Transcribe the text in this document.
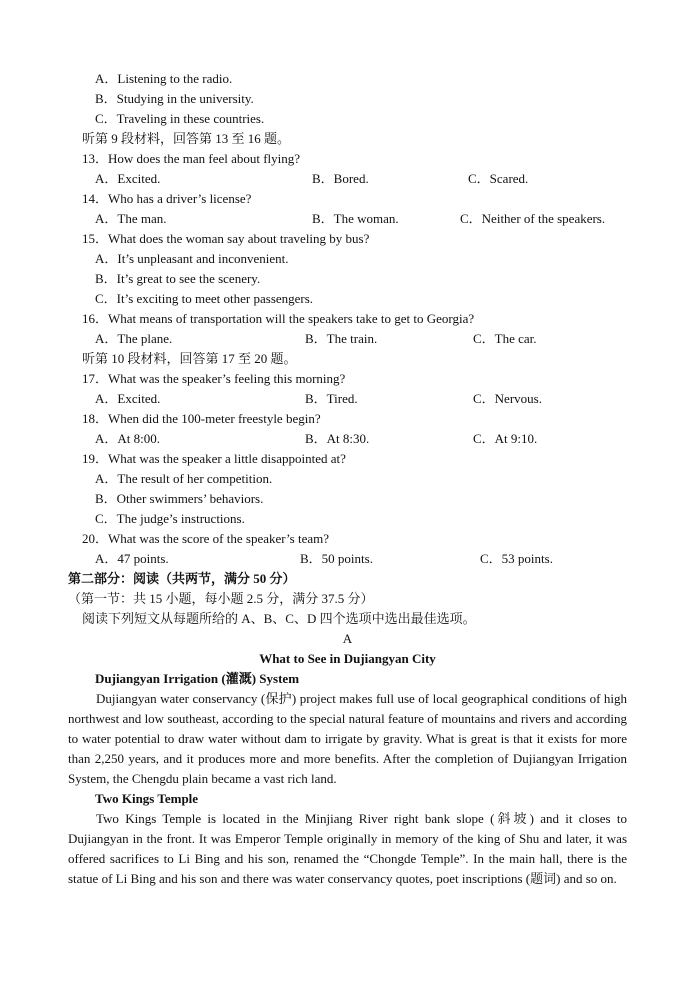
A．Listening to the radio.
B．Studying in the university.
C．Traveling in these countries.
听第 9 段材料，回答第 13 至 16 题。
13．How does the man feel about flying?
A．Excited.	B．Bored.	C．Scared.
14．Who has a driver’s license?
A．The man.	B．The woman.	C．Neither of the speakers.
15．What does the woman say about traveling by bus?
A．It’s unpleasant and inconvenient.
B．It’s great to see the scenery.
C．It’s exciting to meet other passengers.
16．What means of transportation will the speakers take to get to Georgia?
A．The plane.	B．The train.	C．The car.
听第 10 段材料，回答第 17 至 20 题。
17．What was the speaker’s feeling this morning?
A．Excited.	B．Tired.	C．Nervous.
18．When did the 100-meter freestyle begin?
A．At 8:00.	B．At 8:30.	C．At 9:10.
19．What was the speaker a little disappointed at?
A．The result of her competition.
B．Other swimmers’ behaviors.
C．The judge’s instructions.
20．What was the score of the speaker’s team?
A．47 points.	B．50 points.	C．53 points.
第二部分：阅读（共两节，满分 50 分）
（第一节：共 15 小题，每小题 2.5 分，满分 37.5 分）
阅读下列短文从每题所给的 A、B、C、D 四个选项中选出最佳选项。
A
What to See in Dujiangyan City
Dujiangyan Irrigation (灌溉) System
Dujiangyan water conservancy (保护) project makes full use of local geographical conditions of high northwest and low southeast, according to the special natural feature of mountains and rivers and according to water potential to draw water without dam to irrigate by gravity. What is great is that it exists for more than 2,250 years, and it produces more and more benefits. After the completion of Dujiangyan Irrigation System, the Chengdu plain became a vast rich land.
Two Kings Temple
Two Kings Temple is located in the Minjiang River right bank slope (斜坡) and it closes to Dujiangyan in the front. It was Emperor Temple originally in memory of the king of Shu and later, it was offered sacrifices to Li Bing and his son, renamed the “Chongde Temple”. In the main hall, there is the statue of Li Bing and his son and there was water conservancy quotes, poet inscriptions (题词) and so on.
